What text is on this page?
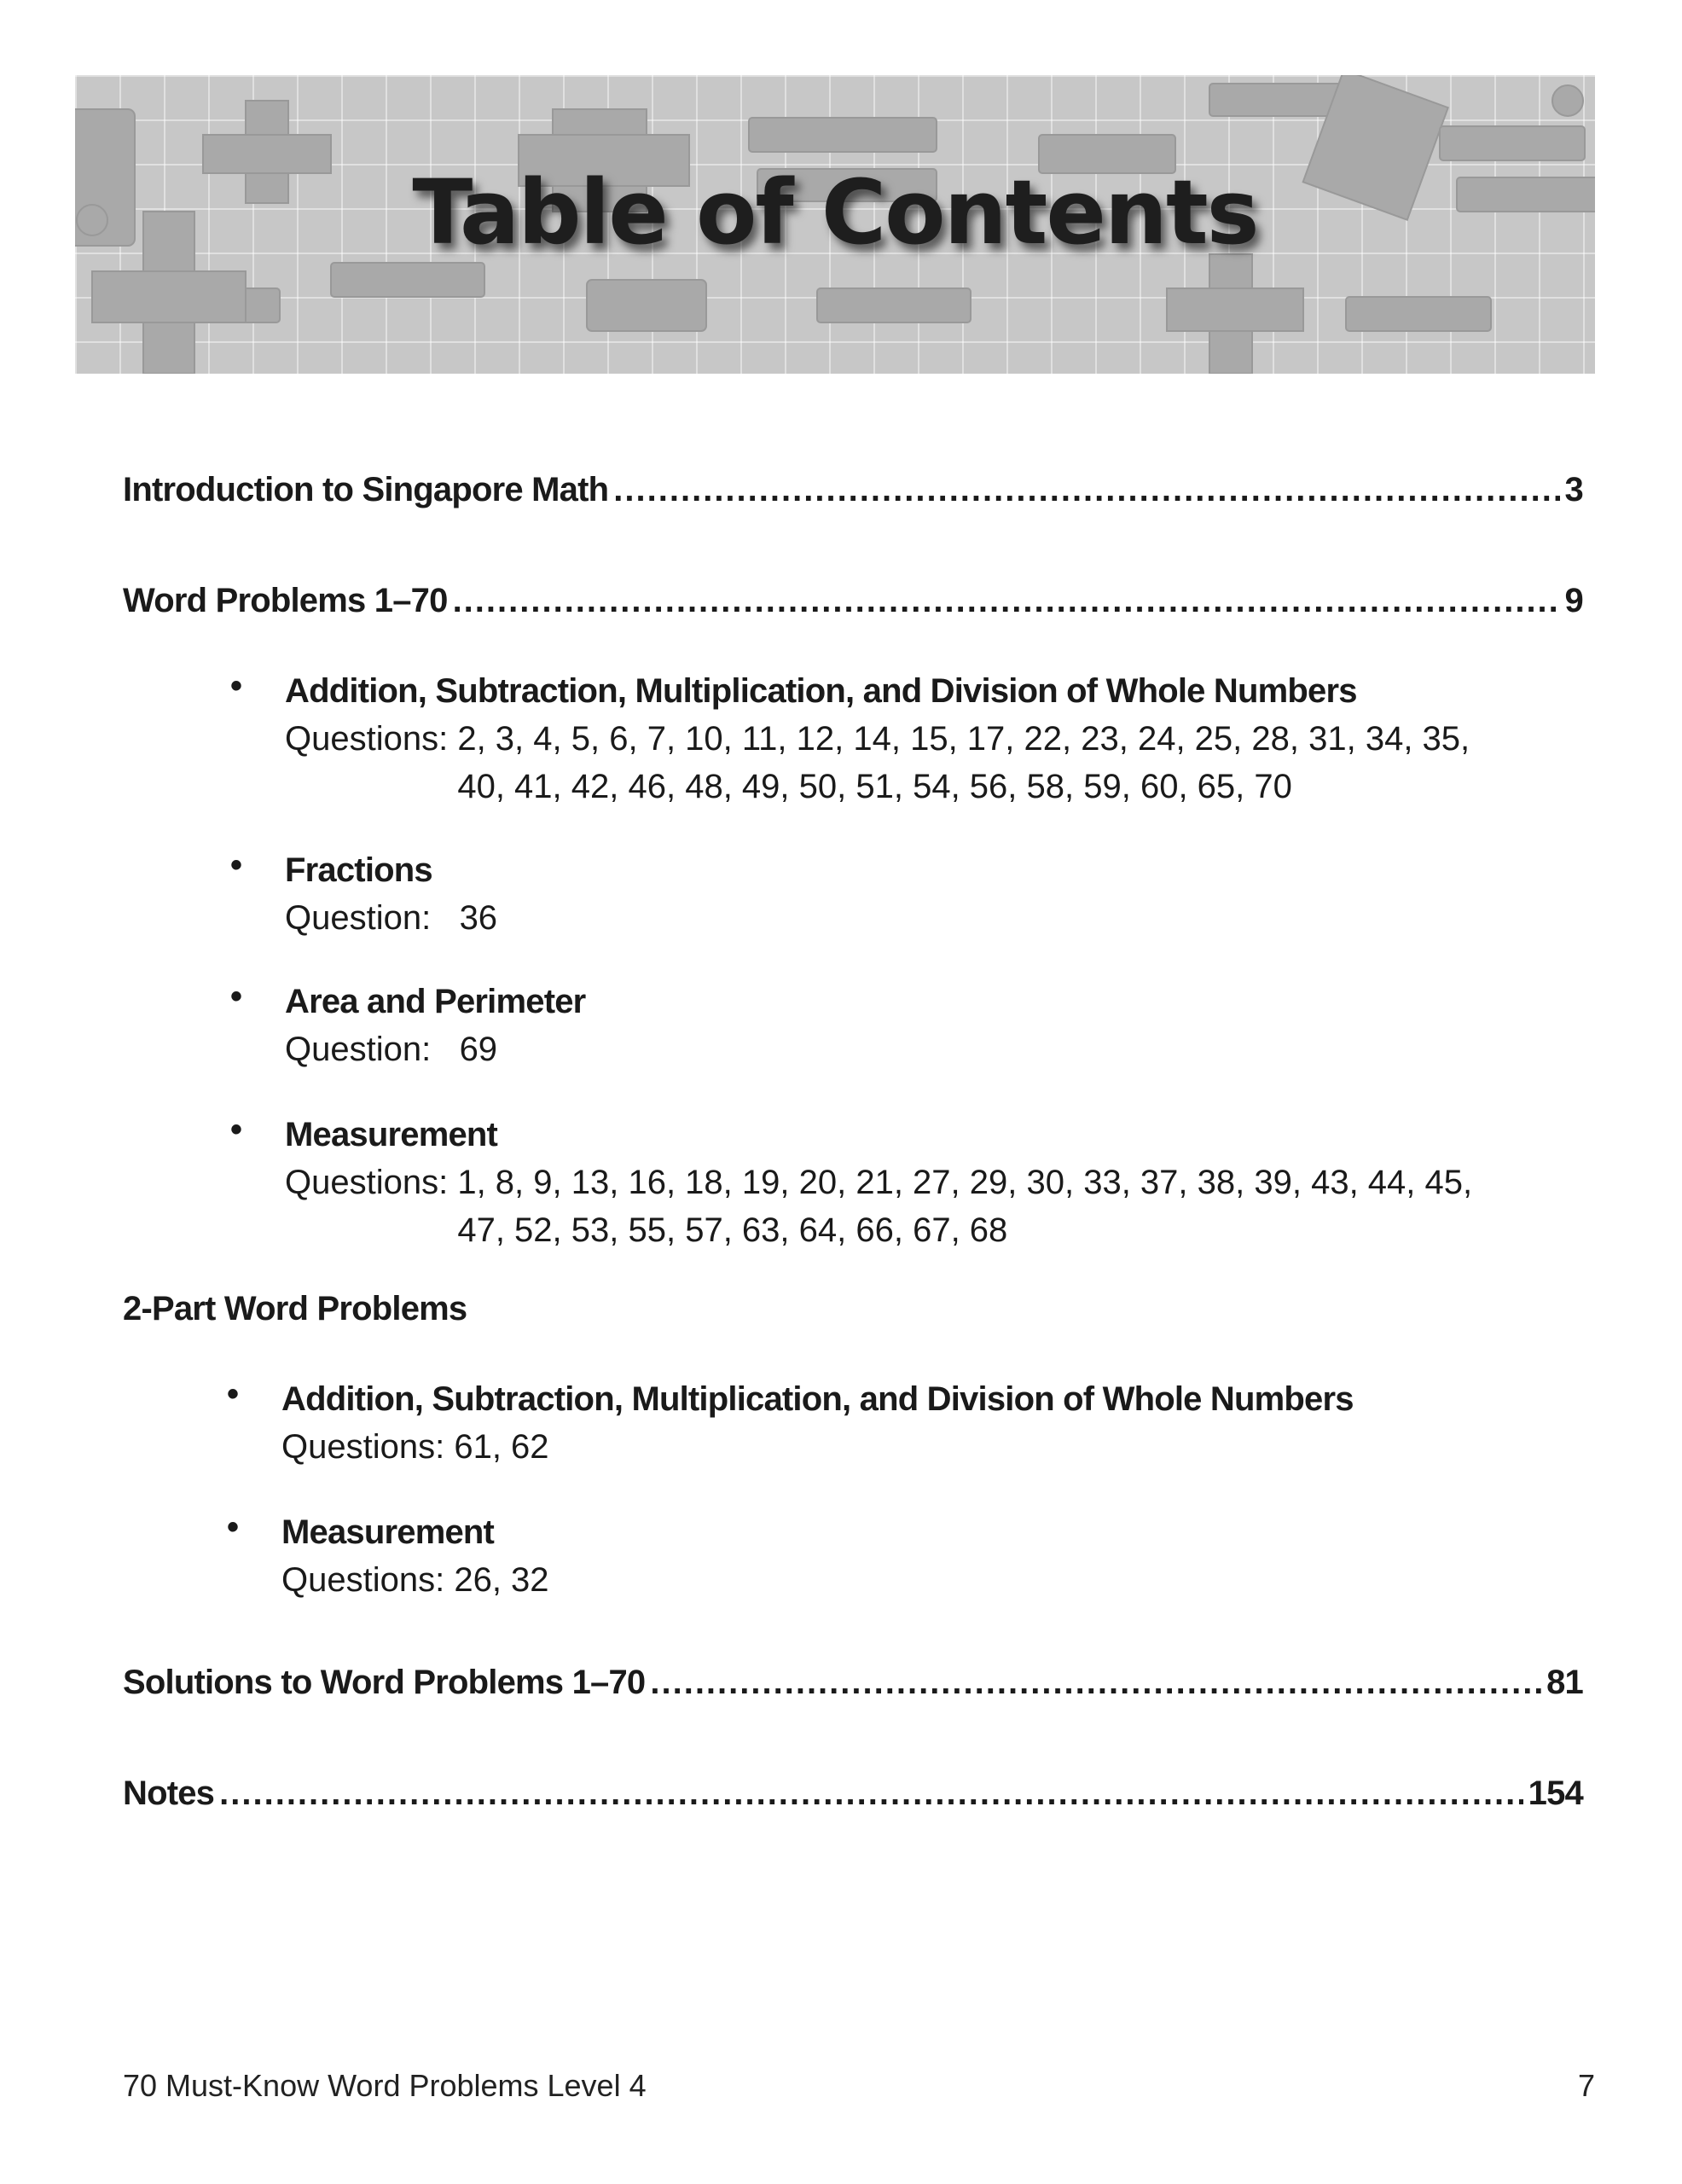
Table of Contents
Introduction to Singapore Math .....	3
Word Problems 1–70 .....	9
• Addition, Subtraction, Multiplication, and Division of Whole Numbers
Questions: 2, 3, 4, 5, 6, 7, 10, 11, 12, 14, 15, 17, 22, 23, 24, 25, 28, 31, 34, 35, 40, 41, 42, 46, 48, 49, 50, 51, 54, 56, 58, 59, 60, 65, 70
• Fractions
Question: 36
• Area and Perimeter
Question: 69
• Measurement
Questions: 1, 8, 9, 13, 16, 18, 19, 20, 21, 27, 29, 30, 33, 37, 38, 39, 43, 44, 45, 47, 52, 53, 55, 57, 63, 64, 66, 67, 68
2-Part Word Problems
• Addition, Subtraction, Multiplication, and Division of Whole Numbers
Questions: 61, 62
• Measurement
Questions: 26, 32
Solutions to Word Problems 1–70 .....	81
Notes .....	154
70 Must-Know Word Problems Level 4	7
